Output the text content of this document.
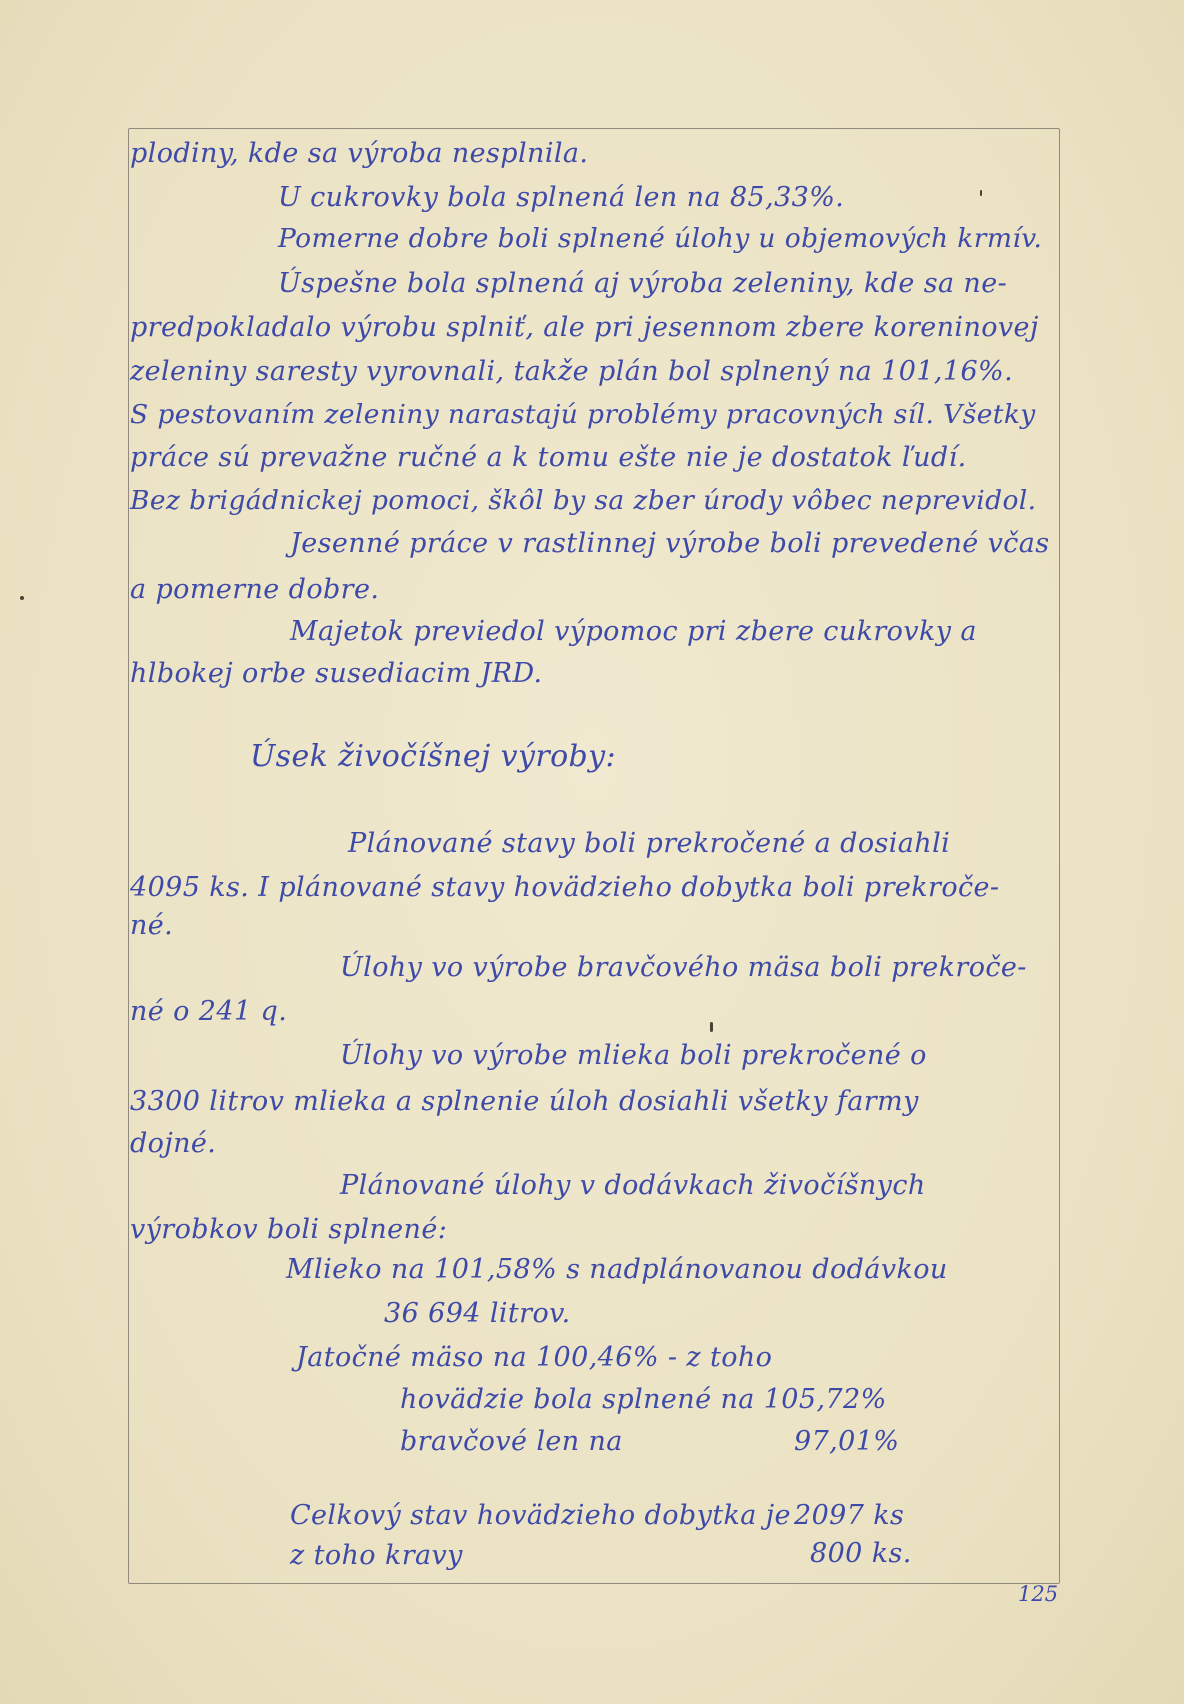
plodiny, kde sa výroba nesplnila.
U cukrovky bola splnená len na 85,33%.
Pomerne dobre boli splnené úlohy u objemových krmív.
Úspešne bola splnená aj výroba zeleniny, kde sa ne-
predpokladalo výrobu splniť, ale pri jesennom zbere koreninovej
zeleniny saresty vyrovnali, takže plán bol splnený na 101,16%.
S pestovaním zeleniny narastajú problémy pracovných síl. Všetky
práce sú prevažne ručné a k tomu ešte nie je dostatok ľudí.
Bez brigádnickej pomoci, škôl by sa zber úrody vôbec neprevidol.
Jesenné práce v rastlinnej výrobe boli prevedené včas
a pomerne dobre.
Majetok previedol výpomoc pri zbere cukrovky a
hlbokej orbe susediacim JRD.
Úsek živočíšnej výroby:
Plánované stavy boli prekročené a dosiahli
4095 ks. I plánované stavy hovädzieho dobytka boli prekroče-
né.
Úlohy vo výrobe bravčového mäsa boli prekroče-
né o 241 q.
Úlohy vo výrobe mlieka boli prekročené o
3300 litrov mlieka a splnenie úloh dosiahli všetky farmy
dojné.
Plánované úlohy v dodávkach živočíšnych
výrobkov boli splnené:
Mlieko na 101,58% s nadplánovanou dodávkou
36 694 litrov.
Jatočné mäso na 100,46% - z toho
hovädzie bola splnené na 105,72%
bravčové len na	97,01%
Celkový stav hovädzieho dobytka je 2097 ks
z toho kravy	800 ks.
125
